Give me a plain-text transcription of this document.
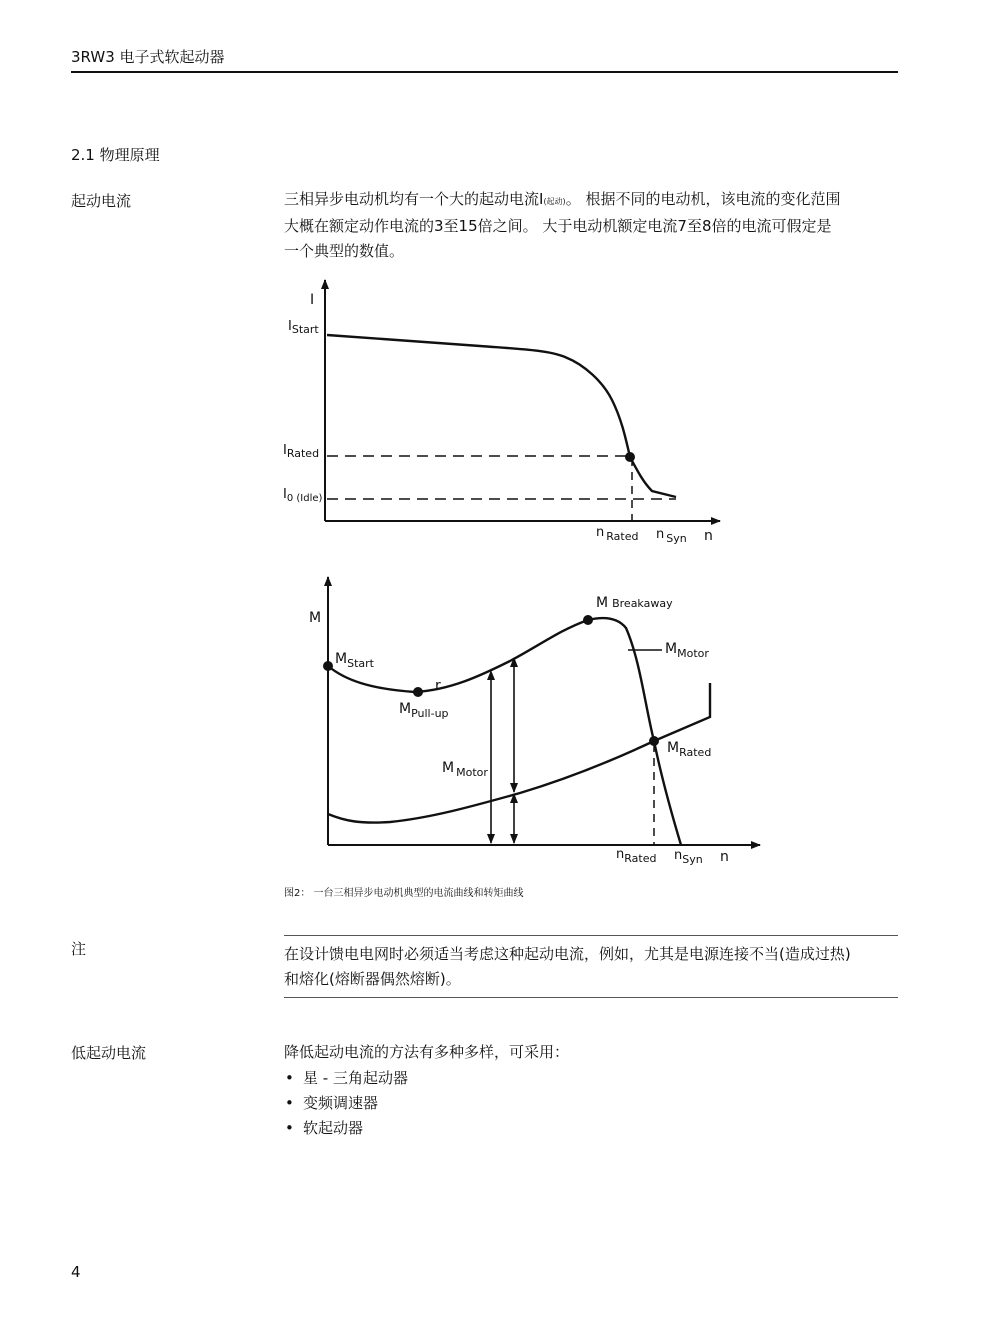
3RW3 电子式软起动器
2.1 物理原理
起动电流	三相异步电动机均有一个大的起动电流I(起动)。 根据不同的电动机，该电流的变化范围
大概在额定动作电流的3至15倍之间。 大于电动机额定电流7至8倍的电流可假定是
一个典型的数值。
I
n
$I_{Start}$
$I_{Rated}$
$I_{0 (Idle)}$
n $_{Rated}$ n $_{Syn}$
M
n
M Breakaway
$M_{Motor}$
$M_{Start}$
r
$M_{Pull-up}$
$M_{Rated}$
M $_{Motor}$
$n_{Rated}$ $n_{Syn}$
图2： 一台三相异步电动机典型的电流曲线和转矩曲线
注	在设计馈电电网时必须适当考虑这种起动电流，例如，尤其是电源连接不当(造成过热)
和熔化(熔断器偶然熔断)。
低起动电流	降低起动电流的方法有多种多样，可采用：
• 星 - 三角起动器
• 变频调速器
• 软起动器
4
